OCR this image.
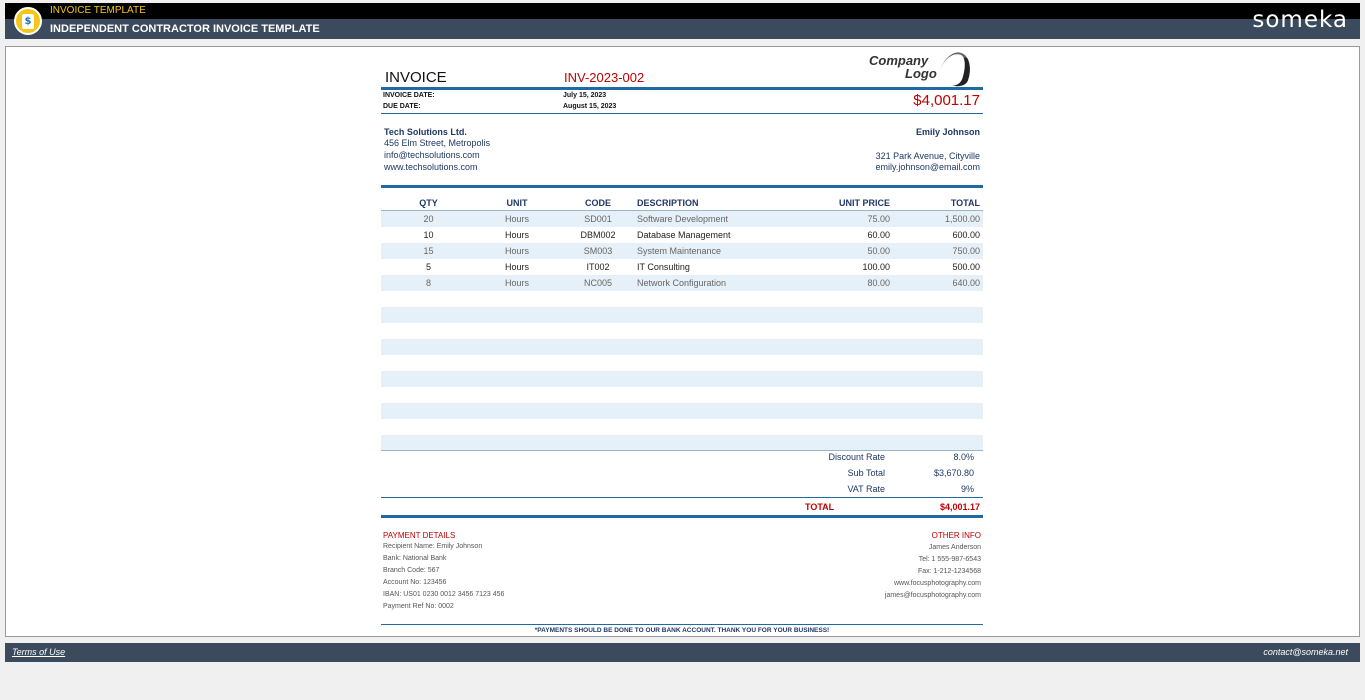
$
INVOICE TEMPLATE
INDEPENDENT CONTRACTOR INVOICE TEMPLATE	someka
INVOICE	INV-2023-002
Company
Logo
INVOICE DATE:	July 15, 2023
DUE DATE:	August 15, 2023	$4,001.17
Tech Solutions Ltd.
456 Elm Street, Metropolis
info@techsolutions.com
www.techsolutions.com
Emily Johnson
321 Park Avenue, Cityville
emily.johnson@email.com
QTY	UNIT	CODE	DESCRIPTION	UNIT PRICE	TOTAL
20	Hours	SD001	Software Development	75.00	1,500.00
10	Hours	DBM002	Database Management	60.00	600.00
15	Hours	SM003	System Maintenance	50.00	750.00
5	Hours	IT002	IT Consulting	100.00	500.00
8	Hours	NC005	Network Configuration	80.00	640.00
Discount Rate	8.0%
Sub Total	$3,670.80
VAT Rate	9%
TOTAL	$4,001.17
PAYMENT DETAILS
Recipient Name: Emily Johnson
Bank: National Bank
Branch Code: 567
Account No: 123456
IBAN: US01 0230 0012 3456 7123 456
Payment Ref No: 0002
OTHER INFO
James Anderson
Tel: 1 555-987-6543
Fax: 1-212-1234568
www.focusphotography.com
james@focusphotography.com
*PAYMENTS SHOULD BE DONE TO OUR BANK ACCOUNT. THANK YOU FOR YOUR BUSINESS!
Terms of Use	contact@someka.net
